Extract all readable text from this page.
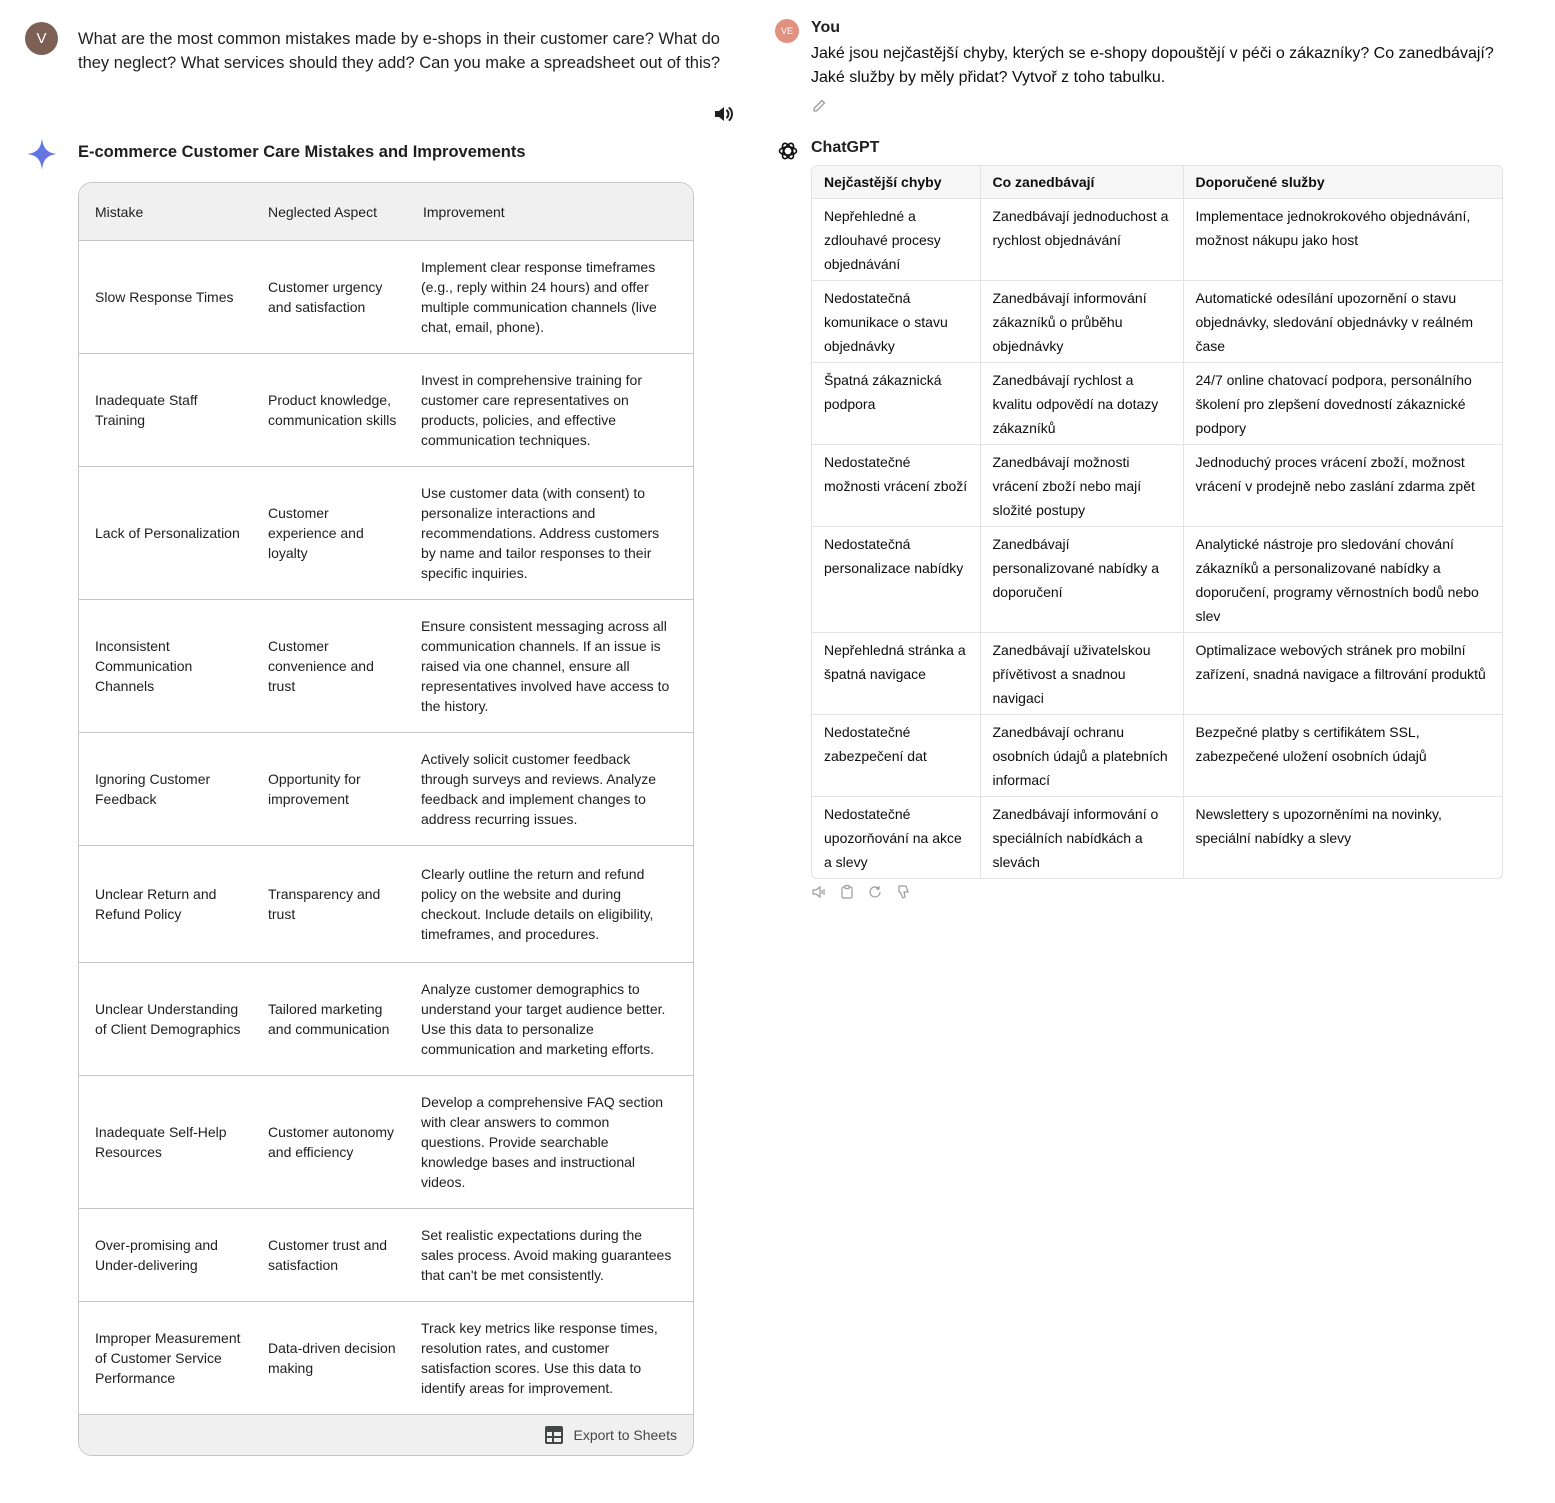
V	What are the most common mistakes made by e-shops in their customer care? What do they neglect? What services should they add? Can you make a spreadsheet out of this?
E-commerce Customer Care Mistakes and Improvements
Mistake	Neglected Aspect	Improvement
Slow Response Times	Customer urgency and satisfaction	Implement clear response timeframes (e.g., reply within 24 hours) and offer multiple communication channels (live chat, email, phone).
Inadequate Staff Training	Product knowledge, communication skills	Invest in comprehensive training for customer care representatives on products, policies, and effective communication techniques.
Lack of Personalization	Customer experience and loyalty	Use customer data (with consent) to personalize interactions and recommendations. Address customers by name and tailor responses to their specific inquiries.
Inconsistent Communication Channels	Customer convenience and trust	Ensure consistent messaging across all communication channels. If an issue is raised via one channel, ensure all representatives involved have access to the history.
Ignoring Customer Feedback	Opportunity for improvement	Actively solicit customer feedback through surveys and reviews. Analyze feedback and implement changes to address recurring issues.
Unclear Return and Refund Policy	Transparency and trust	Clearly outline the return and refund policy on the website and during checkout. Include details on eligibility, timeframes, and procedures.
Unclear Understanding of Client Demographics	Tailored marketing and communication	Analyze customer demographics to understand your target audience better. Use this data to personalize communication and marketing efforts.
Inadequate Self-Help Resources	Customer autonomy and efficiency	Develop a comprehensive FAQ section with clear answers to common questions. Provide searchable knowledge bases and instructional videos.
Over-promising and Under-delivering	Customer trust and satisfaction	Set realistic expectations during the sales process. Avoid making guarantees that can't be met consistently.
Improper Measurement of Customer Service Performance	Data-driven decision making	Track key metrics like response times, resolution rates, and customer satisfaction scores. Use this data to identify areas for improvement.
Export to Sheets
VE	You
Jaké jsou nejčastější chyby, kterých se e-shopy dopouštějí v péči o zákazníky? Co zanedbávají? Jaké služby by měly přidat? Vytvoř z toho tabulku.
ChatGPT
Nejčastější chyby	Co zanedbávají	Doporučené služby
Nepřehledné a zdlouhavé procesy objednávání	Zanedbávají jednoduchost a rychlost objednávání	Implementace jednokrokového objednávání, možnost nákupu jako host
Nedostatečná komunikace o stavu objednávky	Zanedbávají informování zákazníků o průběhu objednávky	Automatické odesílání upozornění o stavu objednávky, sledování objednávky v reálném čase
Špatná zákaznická podpora	Zanedbávají rychlost a kvalitu odpovědí na dotazy zákazníků	24/7 online chatovací podpora, personálního školení pro zlepšení dovedností zákaznické podpory
Nedostatečné možnosti vrácení zboží	Zanedbávají možnosti vrácení zboží nebo mají složité postupy	Jednoduchý proces vrácení zboží, možnost vrácení v prodejně nebo zaslání zdarma zpět
Nedostatečná personalizace nabídky	Zanedbávají personalizované nabídky a doporučení	Analytické nástroje pro sledování chování zákazníků a personalizované nabídky a doporučení, programy věrnostních bodů nebo slev
Nepřehledná stránka a špatná navigace	Zanedbávají uživatelskou přívětivost a snadnou navigaci	Optimalizace webových stránek pro mobilní zařízení, snadná navigace a filtrování produktů
Nedostatečné zabezpečení dat	Zanedbávají ochranu osobních údajů a platebních informací	Bezpečné platby s certifikátem SSL, zabezpečené uložení osobních údajů
Nedostatečné upozorňování na akce a slevy	Zanedbávají informování o speciálních nabídkách a slevách	Newslettery s upozorněními na novinky, speciální nabídky a slevy
